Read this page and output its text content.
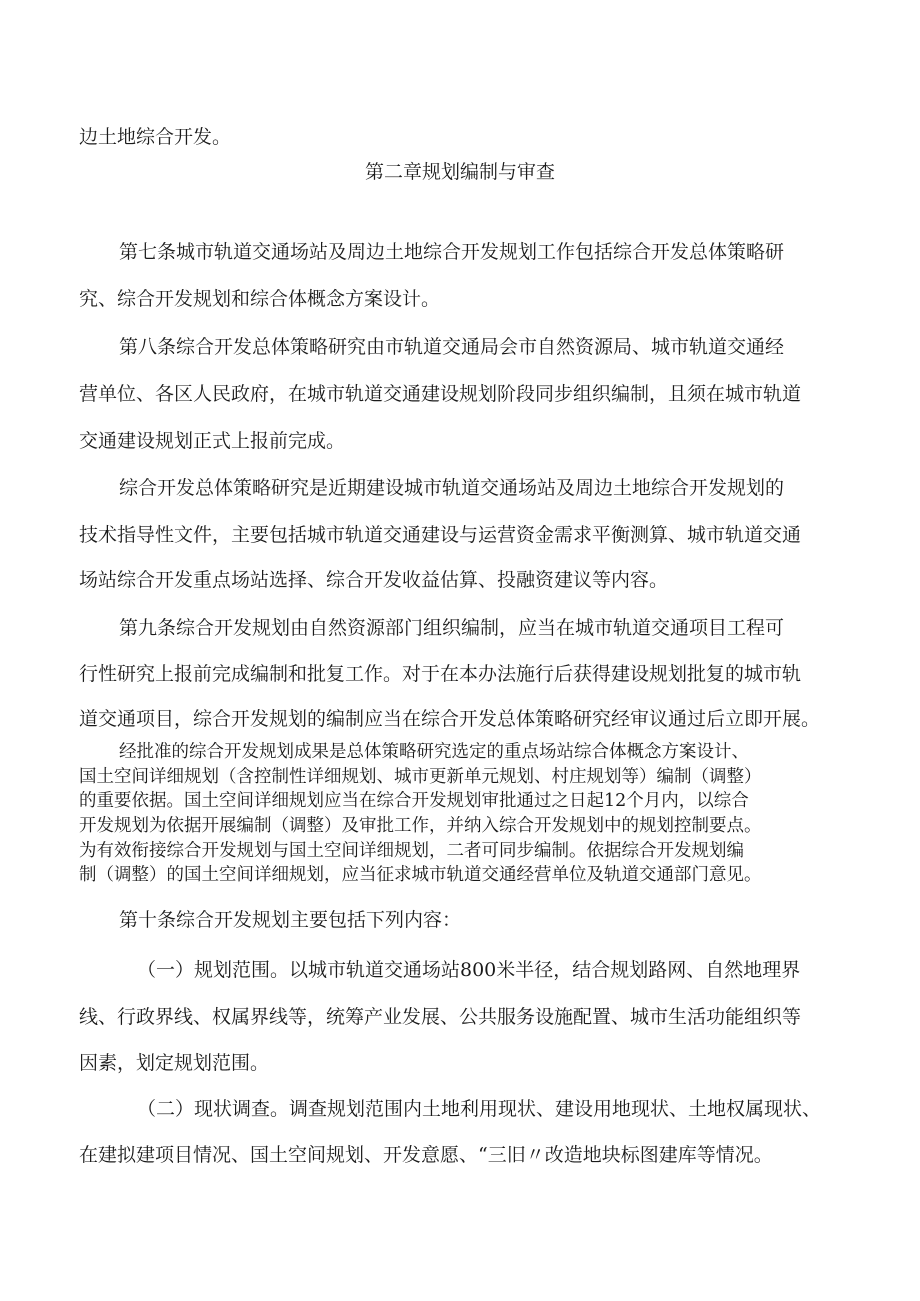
边土地综合开发。
第二章规划编制与审查
第七条城市轨道交通场站及周边土地综合开发规划工作包括综合开发总体策略研
究、综合开发规划和综合体概念方案设计。
第八条综合开发总体策略研究由市轨道交通局会市自然资源局、城市轨道交通经
营单位、各区人民政府，在城市轨道交通建设规划阶段同步组织编制，且须在城市轨道
交通建设规划正式上报前完成。
综合开发总体策略研究是近期建设城市轨道交通场站及周边土地综合开发规划的
技术指导性文件，主要包括城市轨道交通建设与运营资金需求平衡测算、城市轨道交通
场站综合开发重点场站选择、综合开发收益估算、投融资建议等内容。
第九条综合开发规划由自然资源部门组织编制，应当在城市轨道交通项目工程可
行性研究上报前完成编制和批复工作。对于在本办法施行后获得建设规划批复的城市轨
道交通项目，综合开发规划的编制应当在综合开发总体策略研究经审议通过后立即开展。
经批准的综合开发规划成果是总体策略研究选定的重点场站综合体概念方案设计、
国土空间详细规划（含控制性详细规划、城市更新单元规划、村庄规划等）编制（调整）
的重要依据。国土空间详细规划应当在综合开发规划审批通过之日起12个月内，以综合
开发规划为依据开展编制（调整）及审批工作，并纳入综合开发规划中的规划控制要点。
为有效衔接综合开发规划与国土空间详细规划，二者可同步编制。依据综合开发规划编
制（调整）的国土空间详细规划，应当征求城市轨道交通经营单位及轨道交通部门意见。
第十条综合开发规划主要包括下列内容：
（一）规划范围。以城市轨道交通场站800米半径，结合规划路网、自然地理界
线、行政界线、权属界线等，统筹产业发展、公共服务设施配置、城市生活功能组织等
因素，划定规划范围。
（二）现状调查。调查规划范围内土地利用现状、建设用地现状、土地权属现状、
在建拟建项目情况、国土空间规划、开发意愿、“三旧〃改造地块标图建库等情况。
